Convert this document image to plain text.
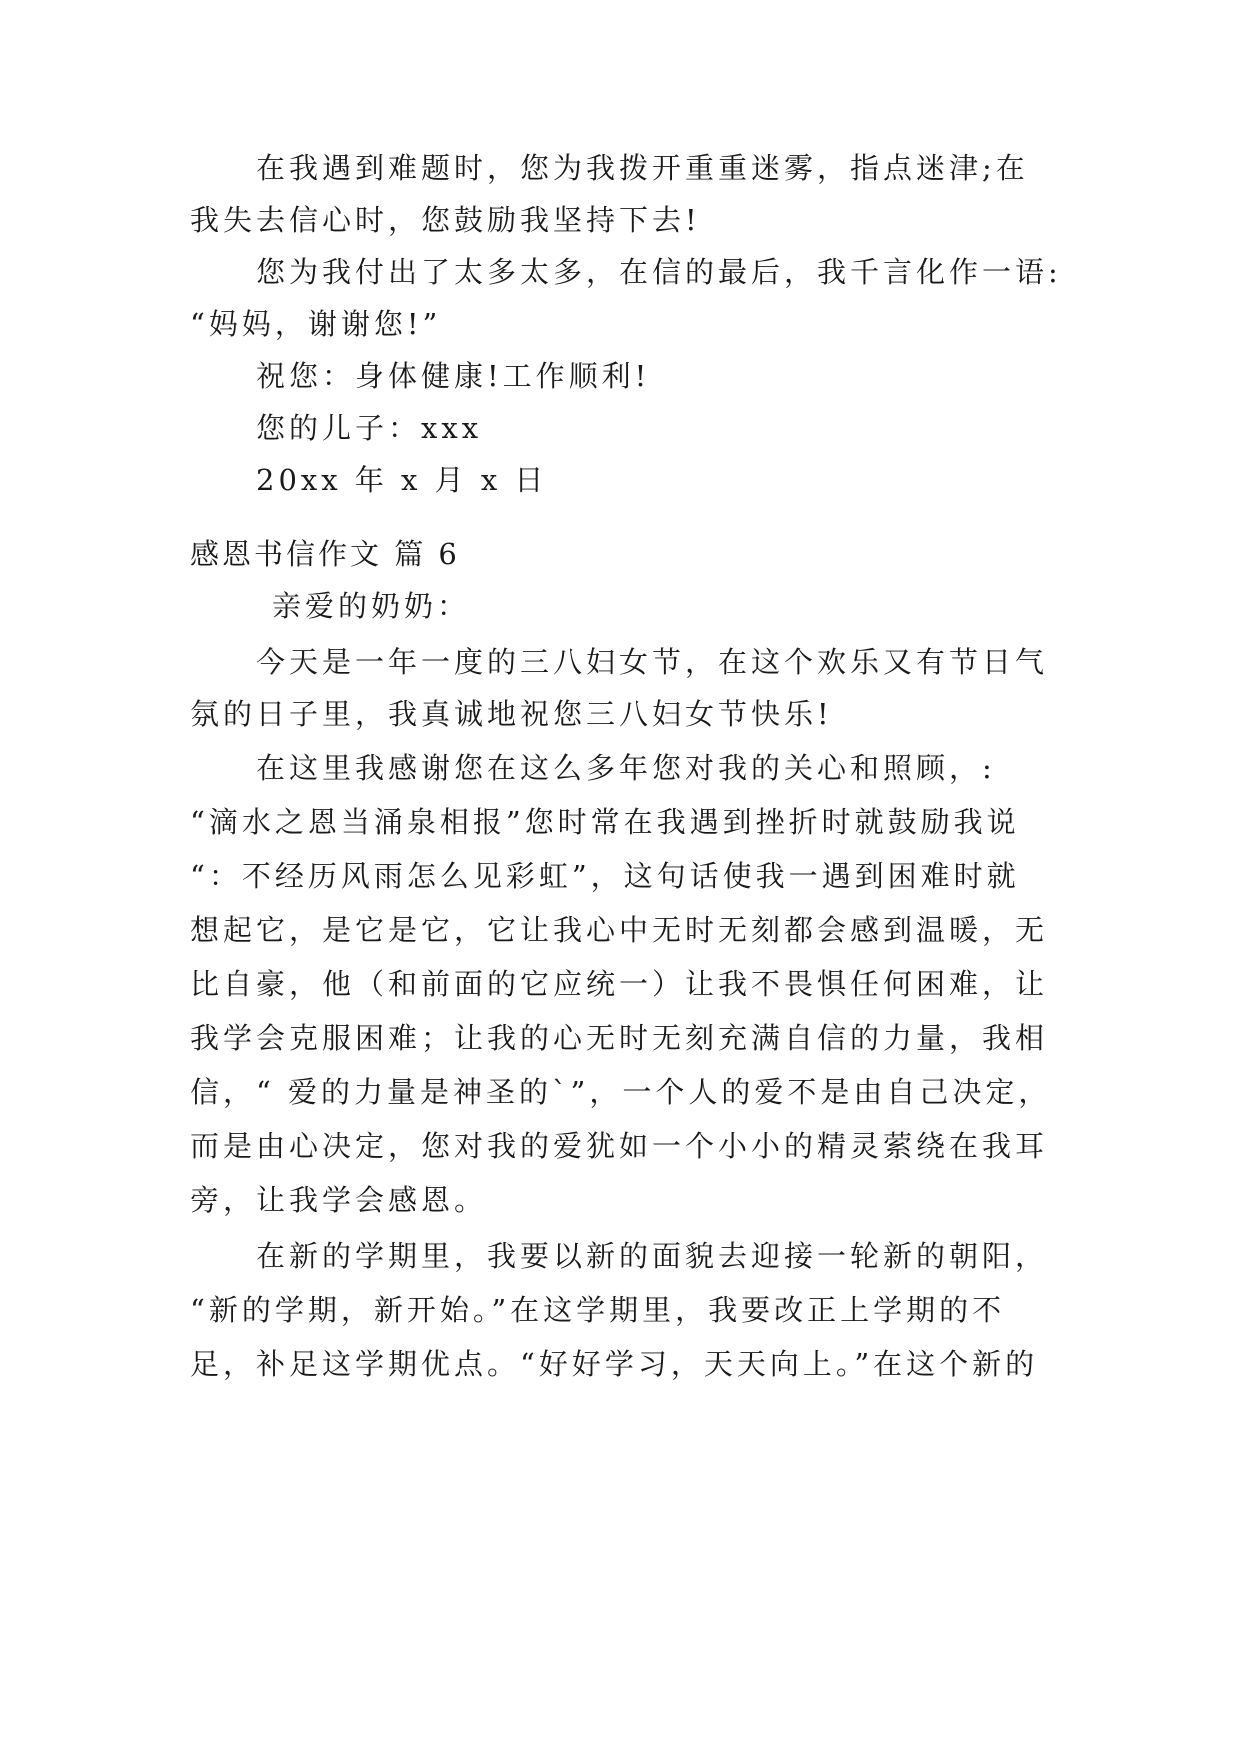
在我遇到难题时，您为我拨开重重迷雾，指点迷津;在
我失去信心时，您鼓励我坚持下去!
您为我付出了太多太多，在信的最后，我千言化作一语:
“妈妈，谢谢您!”
祝您：身体健康!工作顺利!
您的儿子：xxx
20xx 年 x 月 x 日
感恩书信作文 篇 6
亲爱的奶奶：
今天是一年一度的三八妇女节，在这个欢乐又有节日气
氛的日子里，我真诚地祝您三八妇女节快乐!
在这里我感谢您在这么多年您对我的关心和照顾，:
“滴水之恩当涌泉相报”您时常在我遇到挫折时就鼓励我说
“：不经历风雨怎么见彩虹”，这句话使我一遇到困难时就
想起它，是它是它，它让我心中无时无刻都会感到温暖，无
比自豪，他（和前面的它应统一）让我不畏惧任何困难，让
我学会克服困难；让我的心无时无刻充满自信的力量，我相
信，“ 爱的力量是神圣的`”，一个人的爱不是由自己决定，
而是由心决定，您对我的爱犹如一个小小的精灵萦绕在我耳
旁，让我学会感恩。
在新的学期里，我要以新的面貌去迎接一轮新的朝阳，
“新的学期，新开始。”在这学期里，我要改正上学期的不
足，补足这学期优点。“好好学习，天天向上。”在这个新的
